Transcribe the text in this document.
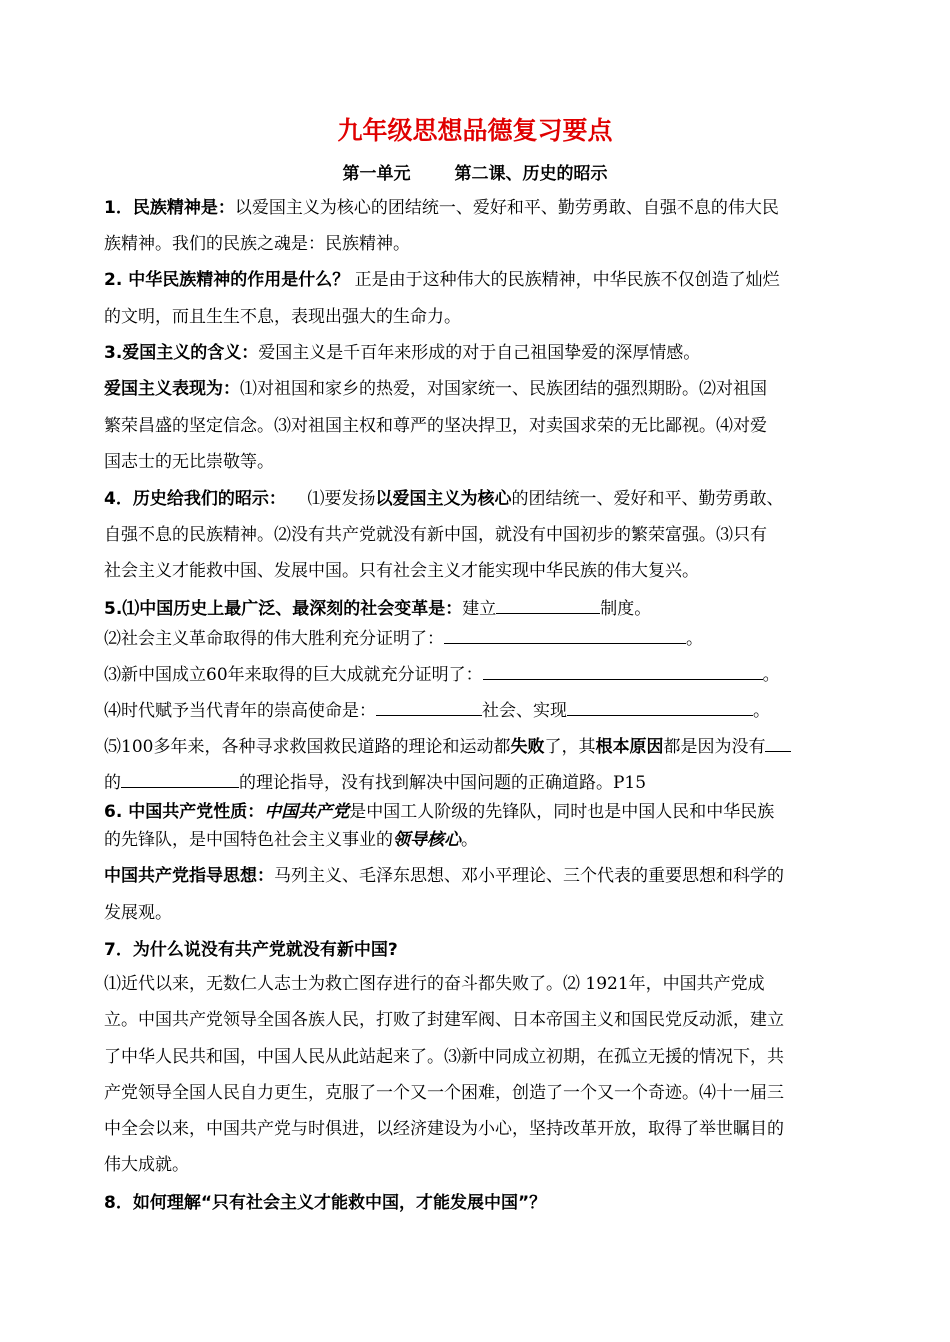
九年级思想品德复习要点
第一单元	第二课、历史的昭示
1．民族精神是：以爱国主义为核心的团结统一、爱好和平、勤劳勇敢、自强不息的伟大民
族精神。我们的民族之魂是：民族精神。
2. 中华民族精神的作用是什么？ 正是由于这种伟大的民族精神，中华民族不仅创造了灿烂
的文明，而且生生不息，表现出强大的生命力。
3.爱国主义的含义：爱国主义是千百年来形成的对于自己祖国挚爱的深厚情感。
爱国主义表现为：⑴对祖国和家乡的热爱，对国家统一、民族团结的强烈期盼。⑵对祖国
繁荣昌盛的坚定信念。⑶对祖国主权和尊严的坚决捍卫，对卖国求荣的无比鄙视。⑷对爱
国志士的无比崇敬等。
4．历史给我们的昭示：    ⑴要发扬以爱国主义为核心的团结统一、爱好和平、勤劳勇敢、
自强不息的民族精神。⑵没有共产党就没有新中国，就没有中国初步的繁荣富强。⑶只有
社会主义才能救中国、发展中国。只有社会主义才能实现中华民族的伟大复兴。
5.⑴中国历史上最广泛、最深刻的社会变革是：建立	制度。
⑵社会主义革命取得的伟大胜利充分证明了：	。
⑶新中国成立60年来取得的巨大成就充分证明了：	。
⑷时代赋予当代青年的崇高使命是：	社会、实现	。
⑸100多年来，各种寻求救国救民道路的理论和运动都失败了，其根本原因都是因为没有
的	的理论指导，没有找到解决中国问题的正确道路。P15
6. 中国共产党性质：中国共产党是中国工人阶级的先锋队，同时也是中国人民和中华民族
的先锋队，是中国特色社会主义事业的领导核心。
中国共产党指导思想：马列主义、毛泽东思想、邓小平理论、三个代表的重要思想和科学的
发展观。
7．为什么说没有共产党就没有新中国?
⑴近代以来，无数仁人志士为救亡图存进行的奋斗都失败了。⑵ 1921年，中国共产党成
立。中国共产党领导全国各族人民，打败了封建军阀、日本帝国主义和国民党反动派，建立
了中华人民共和国，中国人民从此站起来了。⑶新中同成立初期，在孤立无援的情况下，共
产党领导全国人民自力更生，克服了一个又一个困难，创造了一个又一个奇迹。⑷十一届三
中全会以来，中国共产党与时俱进，以经济建设为小心，坚持改革开放，取得了举世瞩目的
伟大成就。
8．如何理解“只有社会主义才能救中国，才能发展中国”？
